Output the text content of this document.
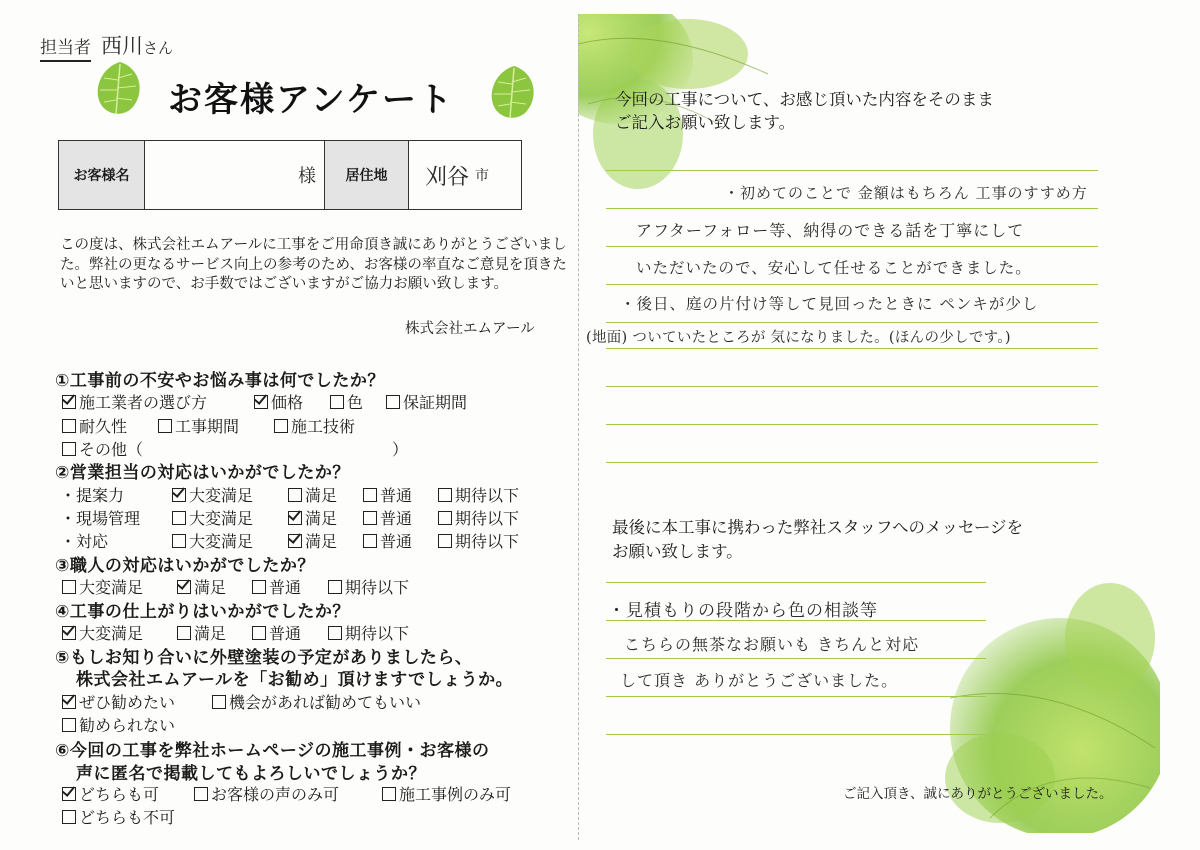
担当者 西川さん
お客様アンケート
お客様名	様	居住地	刈谷 市
この度は、株式会社エムアールに工事をご用命頂き誠にありがとうございました。弊社の更なるサービス向上の参考のため、お客様の率直なご意見を頂きたいと思いますので、お手数ではございますがご協力お願い致します。
株式会社エムアール
①工事前の不安やお悩み事は何でしたか？
施工業者の選び方	価格	色	保証期間
耐久性	工事期間	施工技術
その他（	）
②営業担当の対応はいかがでしたか？
・提案力	大変満足	満足	普通	期待以下
・現場管理	大変満足	満足	普通	期待以下
・対応	大変満足	満足	普通	期待以下
③職人の対応はいかがでしたか？
大変満足	満足	普通	期待以下
④工事の仕上がりはいかがでしたか？
大変満足	満足	普通	期待以下
⑤もしお知り合いに外壁塗装の予定がありましたら、
株式会社エムアールを「お勧め」頂けますでしょうか。
ぜひ勧めたい	機会があれば勧めてもいい
勧められない
⑥今回の工事を弊社ホームページの施工事例・お客様の
声に匿名で掲載してもよろしいでしょうか？
どちらも可	お客様の声のみ可	施工事例のみ可
どちらも不可
今回の工事について、お感じ頂いた内容をそのまま
ご記入お願い致します。
・初めてのことで 金額はもちろん 工事のすすめ方
アフターフォロー等、納得のできる話を丁寧にして
いただいたので、安心して任せることができました。
・後日、庭の片付け等して見回ったときに ペンキが少し
(地面) ついていたところが 気になりました。(ほんの少しです。)
最後に本工事に携わった弊社スタッフへのメッセージを
お願い致します。
・見積もりの段階から色の相談等
こちらの無茶なお願いも きちんと対応
して頂き ありがとうございました。
ご記入頂き、誠にありがとうございました。
